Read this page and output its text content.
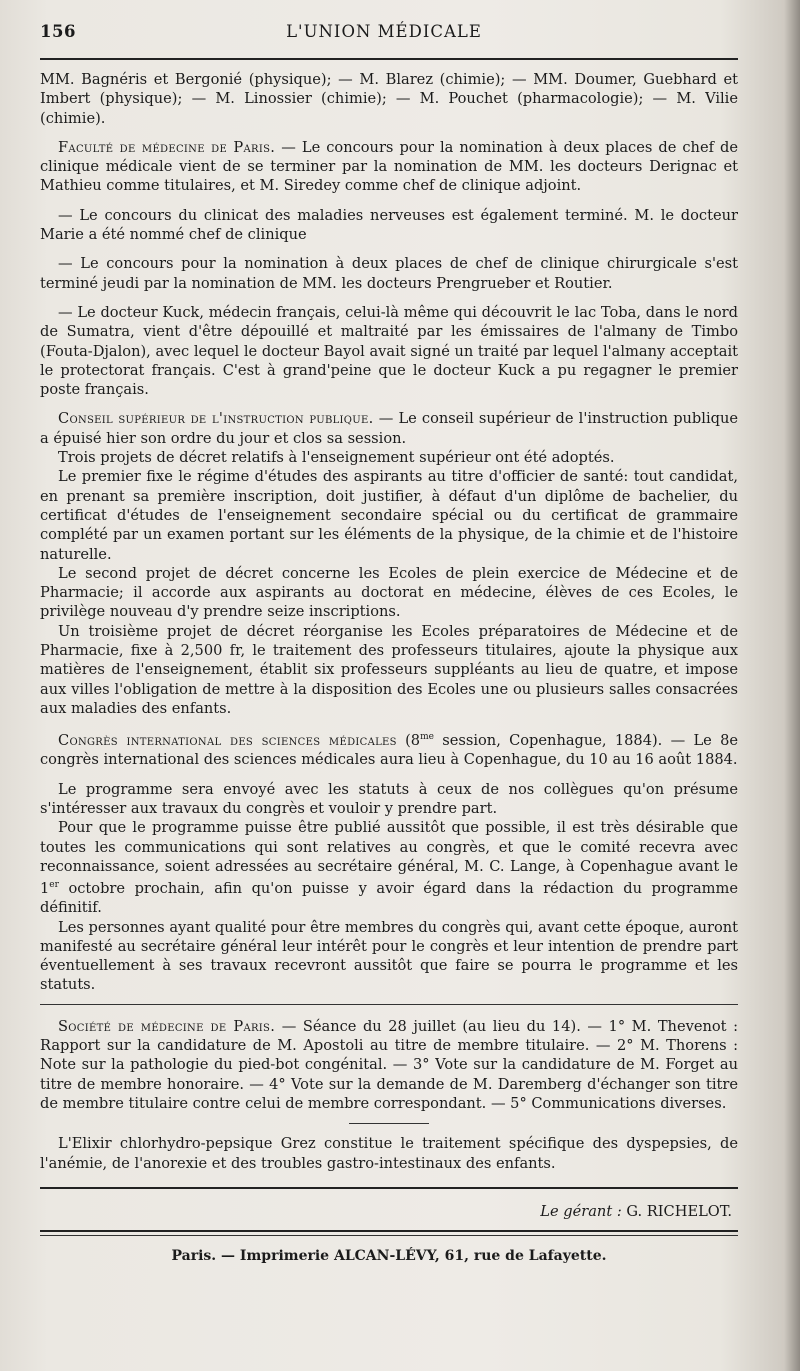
156	L'UNION MÉDICALE

MM. Bagnéris et Bergonié (physique); — M. Blarez (chimie); — MM. Doumer, Guebhard et Imbert (physique); — M. Linossier (chimie); — M. Pouchet (pharmacologie); — M. Vilie (chimie).

Faculté de médecine de Paris. — Le concours pour la nomination à deux places de chef de clinique médicale vient de se terminer par la nomination de MM. les docteurs Derignac et Mathieu comme titulaires, et M. Siredey comme chef de clinique adjoint.

— Le concours du clinicat des maladies nerveuses est également terminé. M. le docteur Marie a été nommé chef de clinique

— Le concours pour la nomination à deux places de chef de clinique chirurgicale s'est terminé jeudi par la nomination de MM. les docteurs Prengrueber et Routier.

— Le docteur Kuck, médecin français, celui-là même qui découvrit le lac Toba, dans le nord de Sumatra, vient d'être dépouillé et maltraité par les émissaires de l'almany de Timbo (Fouta-Djalon), avec lequel le docteur Bayol avait signé un traité par lequel l'almany acceptait le protectorat français. C'est à grand'peine que le docteur Kuck a pu regagner le premier poste français.

Conseil supérieur de l'instruction publique. — Le conseil supérieur de l'instruction publique a épuisé hier son ordre du jour et clos sa session.

Trois projets de décret relatifs à l'enseignement supérieur ont été adoptés.

Le premier fixe le régime d'études des aspirants au titre d'officier de santé: tout candidat, en prenant sa première inscription, doit justifier, à défaut d'un diplôme de bachelier, du certificat d'études de l'enseignement secondaire spécial ou du certificat de grammaire complété par un examen portant sur les éléments de la physique, de la chimie et de l'histoire naturelle.

Le second projet de décret concerne les Ecoles de plein exercice de Médecine et de Pharmacie; il accorde aux aspirants au doctorat en médecine, élèves de ces Ecoles, le privilège nouveau d'y prendre seize inscriptions.

Un troisième projet de décret réorganise les Ecoles préparatoires de Médecine et de Pharmacie, fixe à 2,500 fr, le traitement des professeurs titulaires, ajoute la physique aux matières de l'enseignement, établit six professeurs suppléants au lieu de quatre, et impose aux villes l'obligation de mettre à la disposition des Ecoles une ou plusieurs salles consacrées aux maladies des enfants.

Congrès international des sciences médicales ($8^{me}$ session, Copenhague, 1884). — Le 8e congrès international des sciences médicales aura lieu à Copenhague, du 10 au 16 août 1884.

Le programme sera envoyé avec les statuts à ceux de nos collègues qu'on présume s'intéresser aux travaux du congrès et vouloir y prendre part.

Pour que le programme puisse être publié aussitôt que possible, il est très désirable que toutes les communications qui sont relatives au congrès, et que le comité recevra avec reconnaissance, soient adressées au secrétaire général, M. C. Lange, à Copenhague avant le 1er octobre prochain, afin qu'on puisse y avoir égard dans la rédaction du programme définitif.

Les personnes ayant qualité pour être membres du congrès qui, avant cette époque, auront manifesté au secrétaire général leur intérêt pour le congrès et leur intention de prendre part éventuellement à ses travaux recevront aussitôt que faire se pourra le programme et les statuts.

Société de médecine de Paris. — Séance du 28 juillet (au lieu du 14). — 1° M. Thevenot : Rapport sur la candidature de M. Apostoli au titre de membre titulaire. — 2° M. Thorens : Note sur la pathologie du pied-bot congénital. — 3° Vote sur la candidature de M. Forget au titre de membre honoraire. — 4° Vote sur la demande de M. Daremberg d'échanger son titre de membre titulaire contre celui de membre correspondant. — 5° Communications diverses.

L'Elixir chlorhydro-pepsique Grez constitue le traitement spécifique des dyspepsies, de l'anémie, de l'anorexie et des troubles gastro-intestinaux des enfants.

Le gérant : G. RICHELOT.
Paris. — Imprimerie ALCAN-LÉVY, 61, rue de Lafayette.
